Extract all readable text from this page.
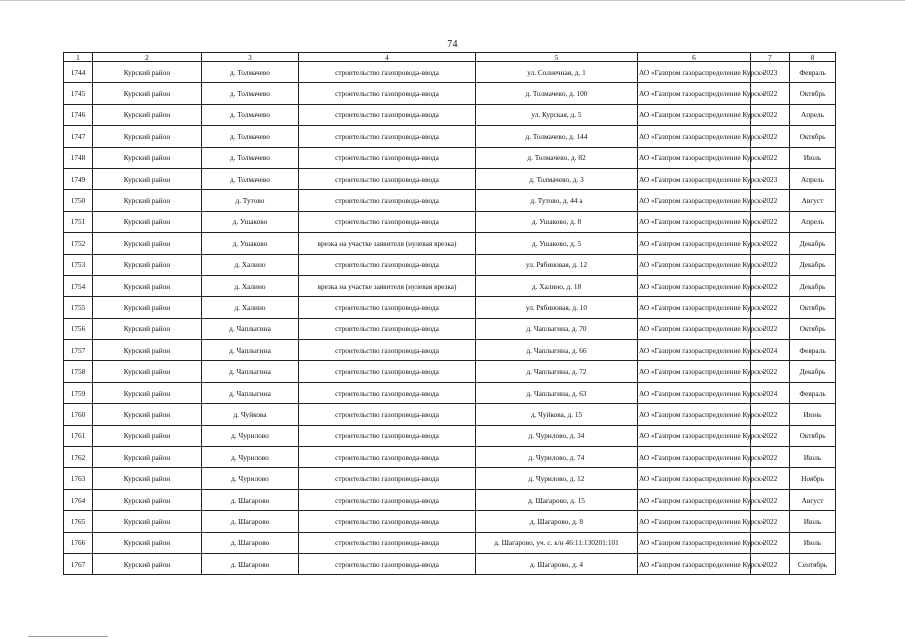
74
1	2	3	4	5	6	7	8
1744	Курский район	д. Толмачево	строительство газопровода-ввода	ул. Солнечная, д. 1	АО «Газпром газораспределение Курск»	2023	Февраль
1745	Курский район	д. Толмачево	строительство газопровода-ввода	д. Толмачево, д. 100	АО «Газпром газораспределение Курск»	2022	Октябрь
1746	Курский район	д. Толмачево	строительство газопровода-ввода	ул. Курская, д. 5	АО «Газпром газораспределение Курск»	2022	Апрель
1747	Курский район	д. Толмачево	строительство газопровода-ввода	д. Толмачево, д. 144	АО «Газпром газораспределение Курск»	2022	Октябрь
1748	Курский район	д. Толмачево	строительство газопровода-ввода	д. Толмачево, д. 82	АО «Газпром газораспределение Курск»	2022	Июль
1749	Курский район	д. Толмачево	строительство газопровода-ввода	д. Толмачево, д. 3	АО «Газпром газораспределение Курск»	2023	Апрель
1750	Курский район	д. Тутово	строительство газопровода-ввода	д. Тутово, д. 44 а	АО «Газпром газораспределение Курск»	2022	Август
1751	Курский район	д. Ушаково	строительство газопровода-ввода	д. Ушаково, д. 8	АО «Газпром газораспределение Курск»	2022	Апрель
1752	Курский район	д. Ушаково	врезка на участке заявителя (нулевая врезка)	д. Ушаково, д. 5	АО «Газпром газораспределение Курск»	2022	Декабрь
1753	Курский район	д. Халино	строительство газопровода-ввода	ул. Рябиновая, д. 12	АО «Газпром газораспределение Курск»	2022	Декабрь
1754	Курский район	д. Халино	врезка на участке заявителя (нулевая врезка)	д. Халино, д. 18	АО «Газпром газораспределение Курск»	2022	Декабрь
1755	Курский район	д. Халино	строительство газопровода-ввода	ул. Рябиновая, д. 10	АО «Газпром газораспределение Курск»	2022	Октябрь
1756	Курский район	д. Чаплыгина	строительство газопровода-ввода	д. Чаплыгина, д. 70	АО «Газпром газораспределение Курск»	2022	Октябрь
1757	Курский район	д. Чаплыгина	строительство газопровода-ввода	д. Чаплыгина, д. 66	АО «Газпром газораспределение Курск»	2024	Февраль
1758	Курский район	д. Чаплыгина	строительство газопровода-ввода	д. Чаплыгина, д. 72	АО «Газпром газораспределение Курск»	2022	Декабрь
1759	Курский район	д. Чаплыгина	строительство газопровода-ввода	д. Чаплыгина, д. 63	АО «Газпром газораспределение Курск»	2024	Февраль
1760	Курский район	д. Чуйкова	строительство газопровода-ввода	д. Чуйкова, д. 15	АО «Газпром газораспределение Курск»	2022	Июнь
1761	Курский район	д. Чурилово	строительство газопровода-ввода	д. Чурилово, д. 34	АО «Газпром газораспределение Курск»	2022	Октябрь
1762	Курский район	д. Чурилово	строительство газопровода-ввода	д. Чурилово, д. 74	АО «Газпром газораспределение Курск»	2022	Июль
1763	Курский район	д. Чурилово	строительство газопровода-ввода	д. Чурилово, д. 12	АО «Газпром газораспределение Курск»	2022	Ноябрь
1764	Курский район	д. Шагарово	строительство газопровода-ввода	д. Шагарово, д. 15	АО «Газпром газораспределение Курск»	2022	Август
1765	Курский район	д. Шагарово	строительство газопровода-ввода	д. Шагарово, д. 8	АО «Газпром газораспределение Курск»	2022	Июль
1766	Курский район	д. Шагарово	строительство газопровода-ввода	д. Шагарово, уч. с. к/н 46:11:130201:101	АО «Газпром газораспределение Курск»	2022	Июль
1767	Курский район	д. Шагарово	строительство газопровода-ввода	д. Шагарово, д. 4	АО «Газпром газораспределение Курск»	2022	Сентябрь
